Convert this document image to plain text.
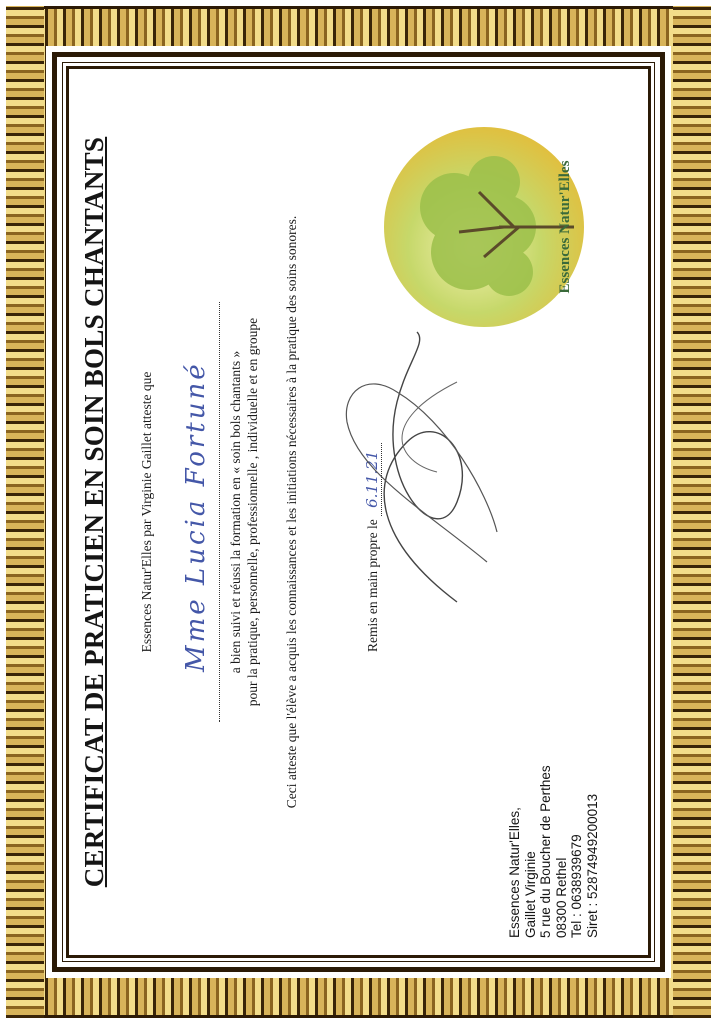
CERTIFICAT DE PRATICIEN EN SOIN BOLS CHANTANTS Essences Natur'Elles par Virginie Gaillet atteste que Mme Lucia Fortuné a bien suivi et réussi la formation en « soin bols chantants » pour la pratique, personnelle, professionnelle , individuelle et en groupe Ceci atteste que l'élève a acquis les connaissances et les initiations nécessaires à la pratique des soins sonores.	Remis en main propre le 6.11.21
Essences Natur'Elles
Essences Natur'Elles, Gaillet Virginie 5 rue du Boucher de Perthes 08300 Rethel Tel : 0638939679 Siret : 52874949200013
